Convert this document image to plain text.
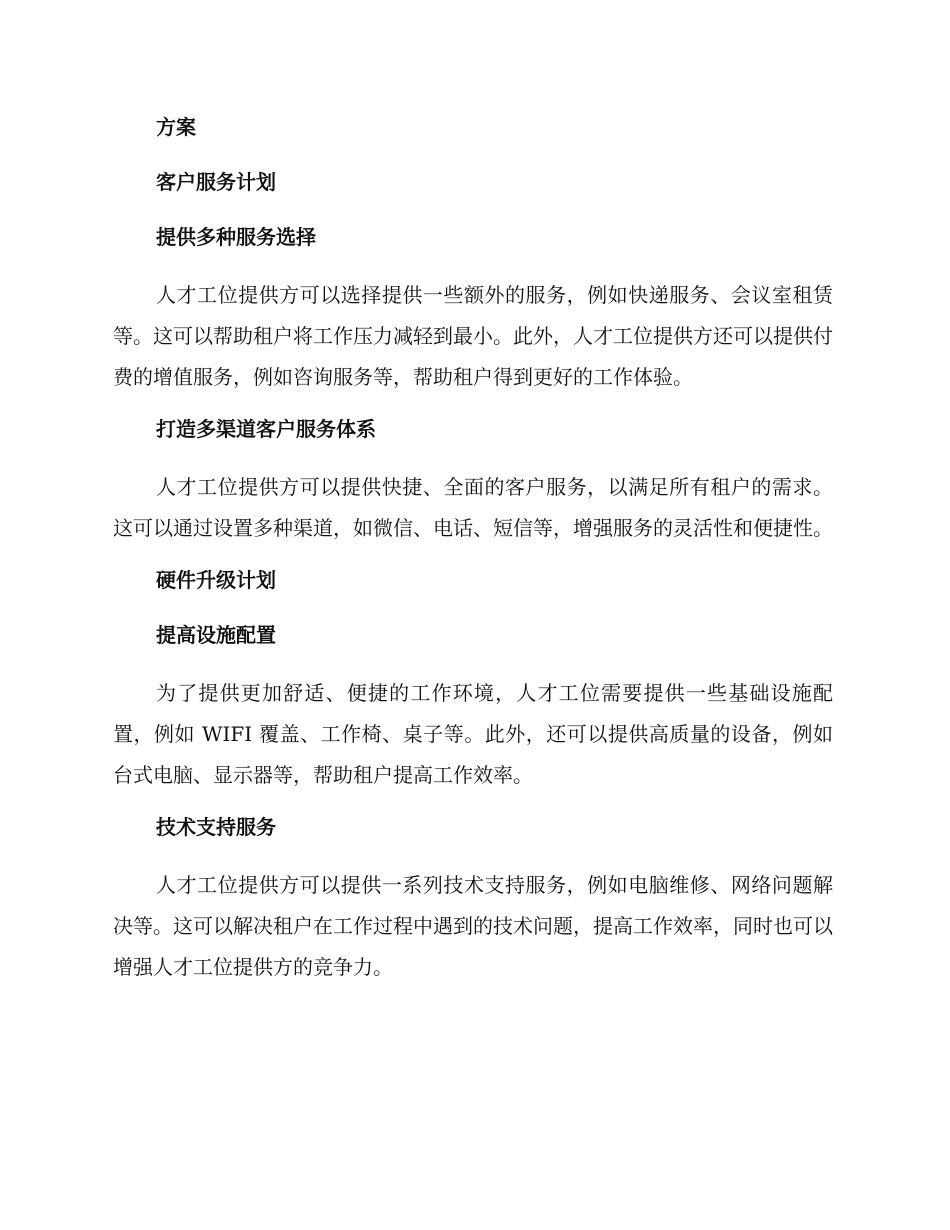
方案
客户服务计划
提供多种服务选择

人才工位提供方可以选择提供一些额外的服务，例如快递服务、会议室租赁等。这可以帮助租户将工作压力减轻到最小。此外，人才工位提供方还可以提供付费的增值服务，例如咨询服务等，帮助租户得到更好的工作体验。

打造多渠道客户服务体系

人才工位提供方可以提供快捷、全面的客户服务，以满足所有租户的需求。这可以通过设置多种渠道，如微信、电话、短信等，增强服务的灵活性和便捷性。

硬件升级计划
提高设施配置

为了提供更加舒适、便捷的工作环境，人才工位需要提供一些基础设施配置，例如 WIFI 覆盖、工作椅、桌子等。此外，还可以提供高质量的设备，例如台式电脑、显示器等，帮助租户提高工作效率。

技术支持服务

人才工位提供方可以提供一系列技术支持服务，例如电脑维修、网络问题解决等。这可以解决租户在工作过程中遇到的技术问题，提高工作效率，同时也可以增强人才工位提供方的竞争力。
